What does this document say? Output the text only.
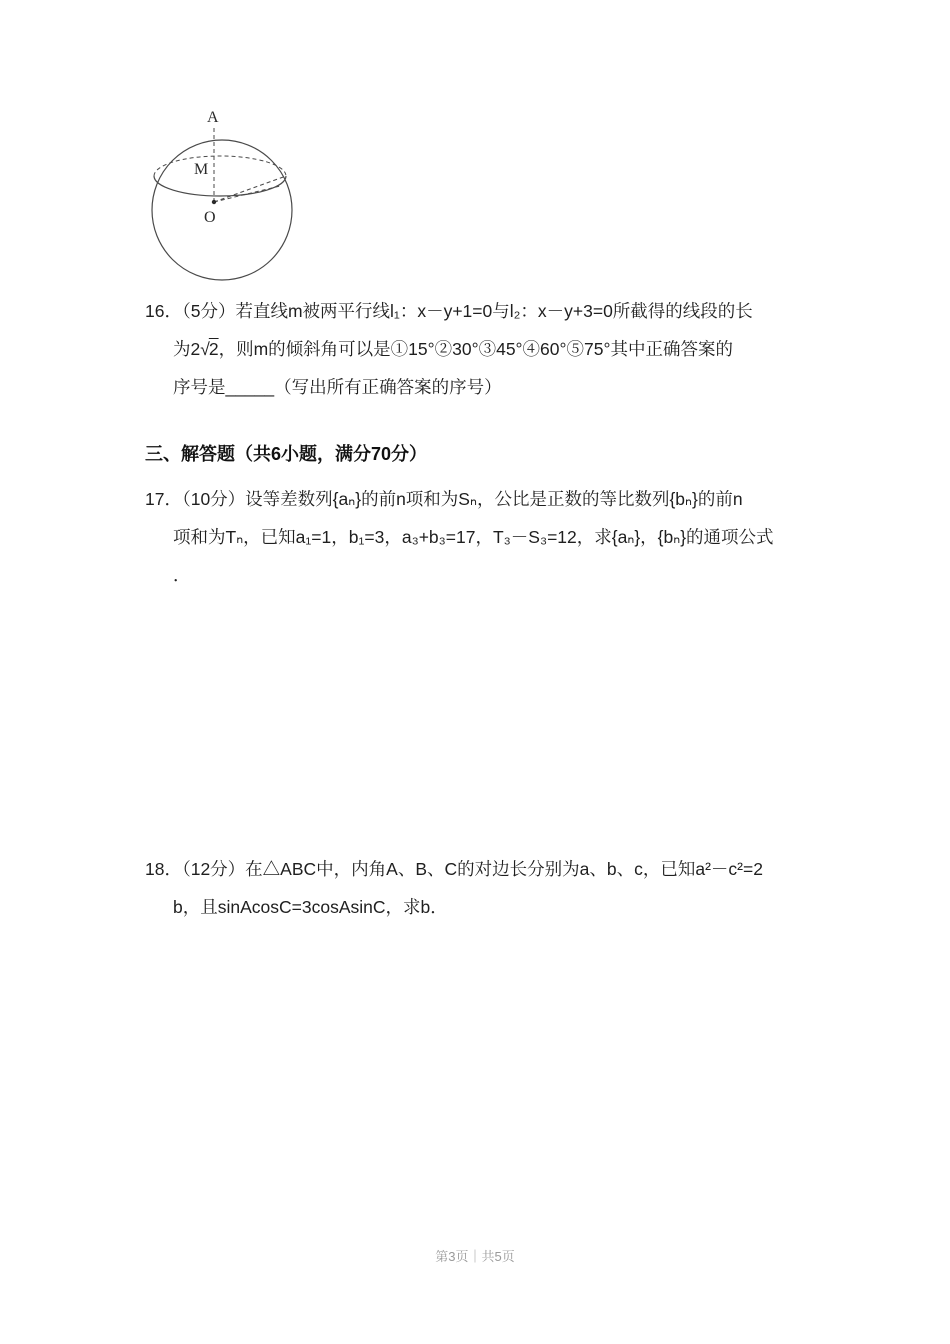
A
M
O
16．（5分）若直线m被两平行线l₁：x－y+1=0与l₂：x－y+3=0所截得的线段的长
为2√2，则m的倾斜角可以是①15°②30°③45°④60°⑤75°其中正确答案的
序号是_____（写出所有正确答案的序号）
三、解答题（共6小题，满分70分）
17．（10分）设等差数列{aₙ}的前n项和为Sₙ，公比是正数的等比数列{bₙ}的前n
项和为Tₙ，已知a₁=1，b₁=3，a₃+b₃=17，T₃－S₃=12，求{aₙ}，{bₙ}的通项公式
．
18．（12分）在△ABC中，内角A、B、C的对边长分别为a、b、c，已知a²－c²=2
b，且sinAcosC=3cosAsinC，求b．
第3页｜共5页
